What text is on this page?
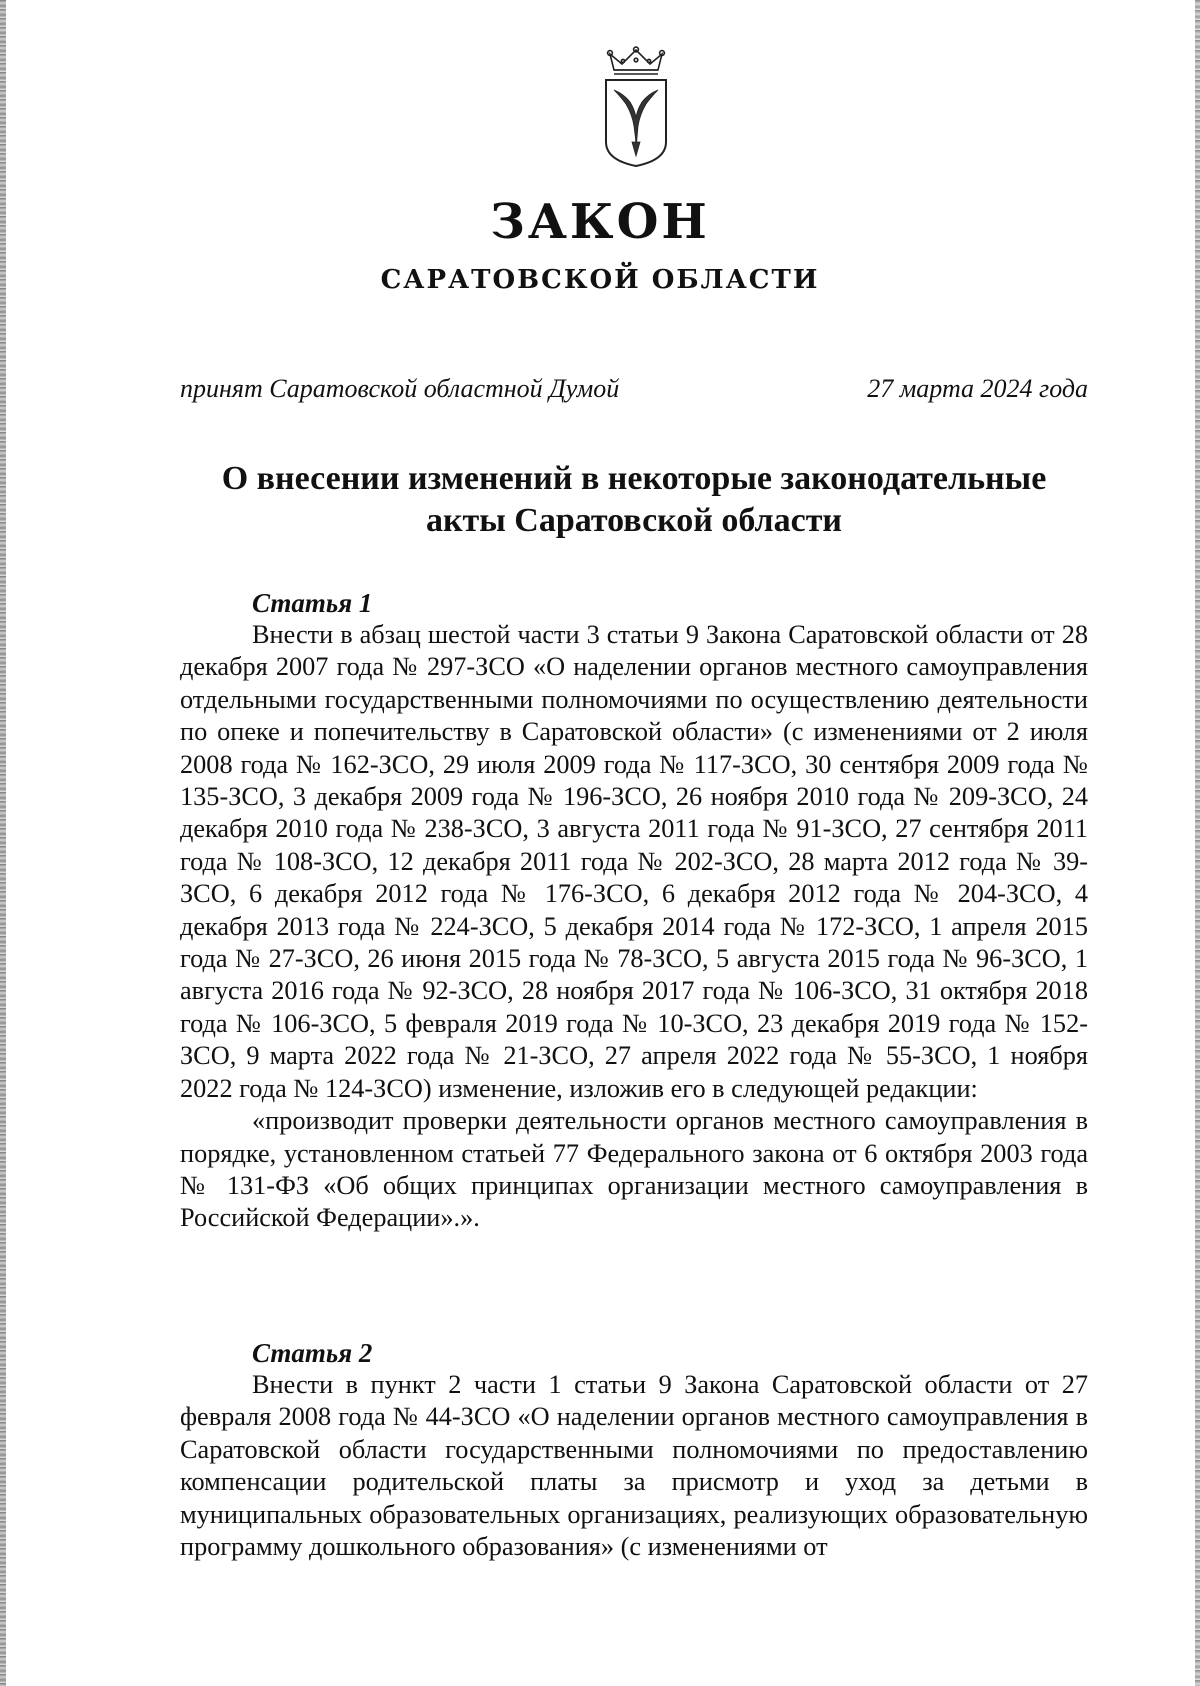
ЗАКОН
САРАТОВСКОЙ ОБЛАСТИ
принят Саратовской областной Думой	27 марта 2024 года
О внесении изменений в некоторые законодательные
акты Саратовской области
Статья 1

Внести в абзац шестой части 3 статьи 9 Закона Саратовской области от 28 декабря 2007 года № 297-ЗСО «О наделении органов местного самоуправления отдельными государственными полномочиями по осуществлению деятельности по опеке и попечительству в Саратовской области» (с изменениями от 2 июля 2008 года № 162-ЗСО, 29 июля 2009 года № 117-ЗСО, 30 сентября 2009 года № 135-ЗСО, 3 декабря 2009 года № 196-ЗСО, 26 ноября 2010 года № 209-ЗСО, 24 декабря 2010 года № 238-ЗСО, 3 августа 2011 года № 91-ЗСО, 27 сентября 2011 года № 108-ЗСО, 12 декабря 2011 года № 202-ЗСО, 28 марта 2012 года № 39-ЗСО, 6 декабря 2012 года № 176-ЗСО, 6 декабря 2012 года № 204-ЗСО, 4 декабря 2013 года № 224-ЗСО, 5 декабря 2014 года № 172-ЗСО, 1 апреля 2015 года № 27-ЗСО, 26 июня 2015 года № 78-ЗСО, 5 августа 2015 года № 96-ЗСО, 1 августа 2016 года № 92-ЗСО, 28 ноября 2017 года № 106-ЗСО, 31 октября 2018 года № 106-ЗСО, 5 февраля 2019 года № 10-ЗСО, 23 декабря 2019 года № 152-ЗСО, 9 марта 2022 года № 21-ЗСО, 27 апреля 2022 года № 55-ЗСО, 1 ноября 2022 года № 124-ЗСО) изменение, изложив его в следующей редакции:

«производит проверки деятельности органов местного самоуправления в порядке, установленном статьей 77 Федерального закона от 6 октября 2003 года № 131-ФЗ «Об общих принципах организации местного самоуправления в Российской Федерации».».

Статья 2

Внести в пункт 2 части 1 статьи 9 Закона Саратовской области от 27 февраля 2008 года № 44-ЗСО «О наделении органов местного самоуправления в Саратовской области государственными полномочиями по предоставлению компенсации родительской платы за присмотр и уход за детьми в муниципальных образовательных организациях, реализующих образовательную программу дошкольного образования» (с изменениями от
